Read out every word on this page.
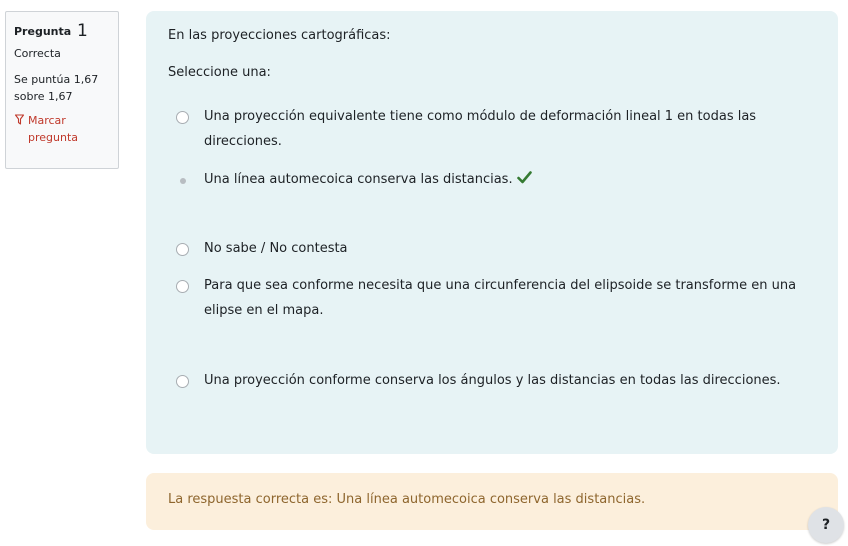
Pregunta 1
Correcta
Se puntúa 1,67
sobre 1,67
Marcar
pregunta

En las proyecciones cartográficas:

Seleccione una:
Una proyección equivalente tiene como módulo de deformación lineal 1 en todas las direcciones.
Una línea automecoica conserva las distancias.
No sabe / No contesta
Para que sea conforme necesita que una circunferencia del elipsoide se transforme en una elipse en el mapa.
Una proyección conforme conserva los ángulos y las distancias en todas las direcciones.
La respuesta correcta es: Una línea automecoica conserva las distancias.
?
